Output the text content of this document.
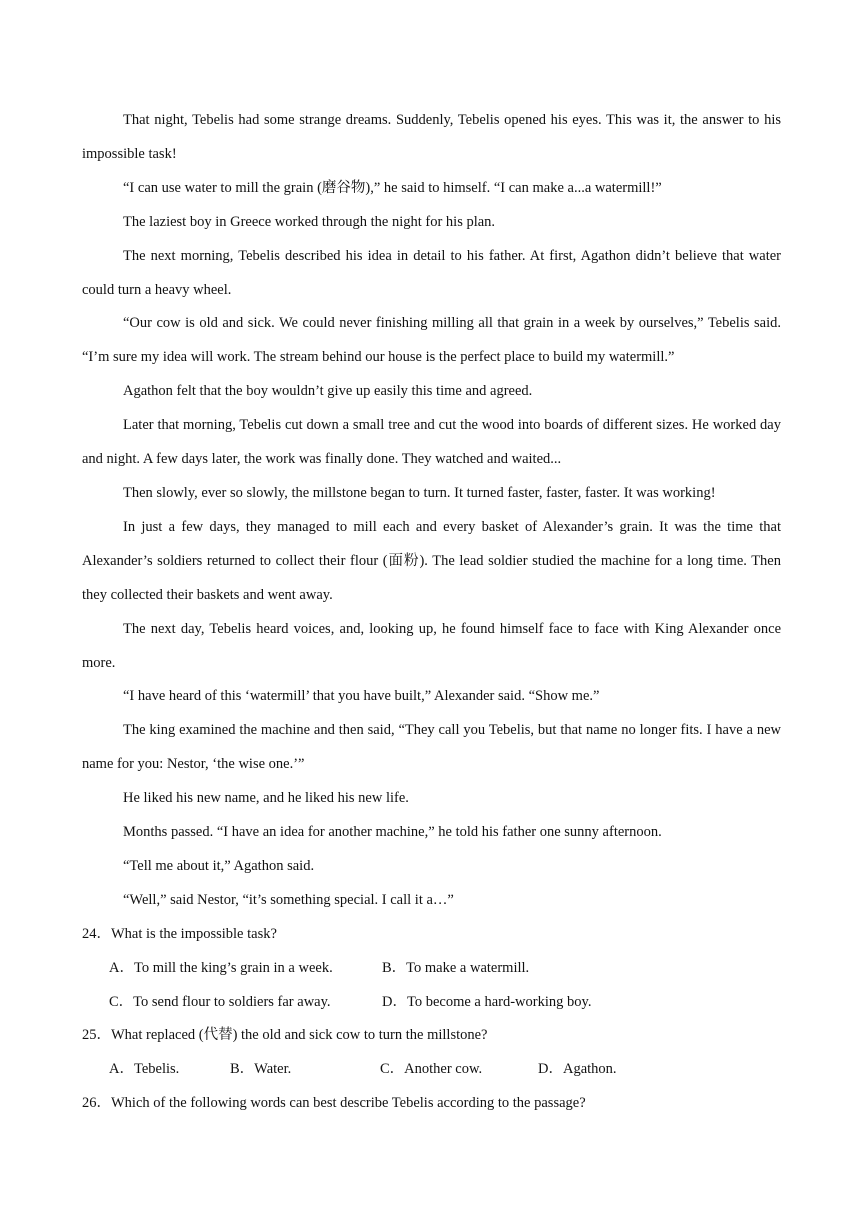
That night, Tebelis had some strange dreams. Suddenly, Tebelis opened his eyes. This was it, the answer to his impossible task!

“I can use water to mill the grain (磨谷物),” he said to himself. “I can make a...a watermill!”

The laziest boy in Greece worked through the night for his plan.

The next morning, Tebelis described his idea in detail to his father. At first, Agathon didn’t believe that water could turn a heavy wheel.

“Our cow is old and sick. We could never finishing milling all that grain in a week by ourselves,” Tebelis said. “I’m sure my idea will work. The stream behind our house is the perfect place to build my watermill.”

Agathon felt that the boy wouldn’t give up easily this time and agreed.

Later that morning, Tebelis cut down a small tree and cut the wood into boards of different sizes. He worked day and night. A few days later, the work was finally done. They watched and waited...

Then slowly, ever so slowly, the millstone began to turn. It turned faster, faster, faster. It was working!

In just a few days, they managed to mill each and every basket of Alexander’s grain. It was the time that Alexander’s soldiers returned to collect their flour (面粉). The lead soldier studied the machine for a long time. Then they collected their baskets and went away.

The next day, Tebelis heard voices, and, looking up, he found himself face to face with King Alexander once more.

“I have heard of this ‘watermill’ that you have built,” Alexander said. “Show me.”

The king examined the machine and then said, “They call you Tebelis, but that name no longer fits. I have a new name for you: Nestor, ‘the wise one.’”

He liked his new name, and he liked his new life.

Months passed. “I have an idea for another machine,” he told his father one sunny afternoon.

“Tell me about it,” Agathon said.

“Well,” said Nestor, “it’s something special. I call it a…”

24．What is the impossible task?

A．To mill the king’s grain in a week.	B．To make a watermill.
C．To send flour to soldiers far away.	D．To become a hard-working boy.

25．What replaced (代替) the old and sick cow to turn the millstone?

A．Tebelis.	B．Water.	C．Another cow.	D．Agathon.

26．Which of the following words can best describe Tebelis according to the passage?
